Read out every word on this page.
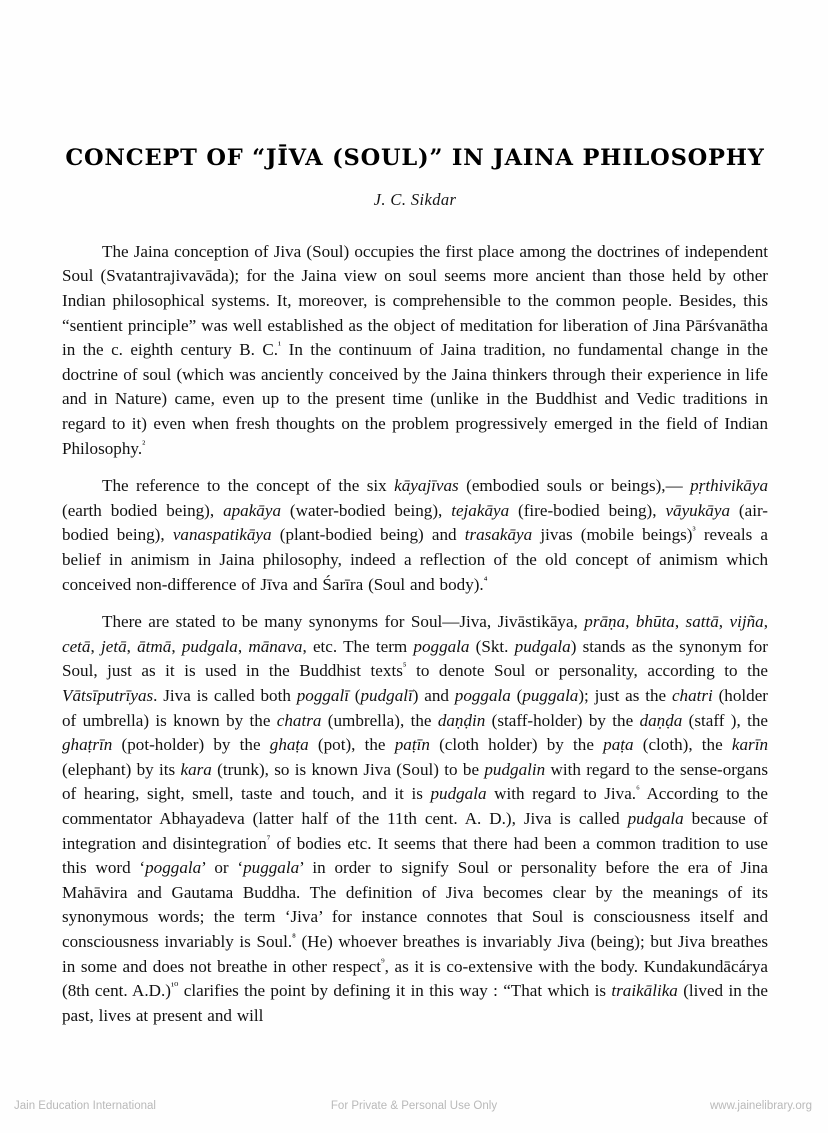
CONCEPT OF “JĪVA (SOUL)” IN JAINA PHILOSOPHY
J. C. Sikdar

The Jaina conception of Jiva (Soul) occupies the first place among the doctrines of independent Soul (Svatantrajivavāda); for the Jaina view on soul seems more ancient than those held by other Indian philosophical systems. It, moreover, is comprehensible to the common people. Besides, this “sentient principle” was well established as the object of meditation for liberation of Jina Pārśvanātha in the c. eighth century B. C.$^{^1}$ In the continuum of Jaina tradition, no fundamental change in the doctrine of soul (which was anciently conceived by the Jaina thinkers through their experience in life and in Nature) came, even up to the present time (unlike in the Buddhist and Vedic traditions in regard to it) even when fresh thoughts on the problem progressively emerged in the field of Indian Philosophy.$^{^2}$

The reference to the concept of the six kāyajīvas (embodied souls or beings),— pṛthivikāya (earth bodied being), apakāya (water-bodied being), tejakāya (fire-bodied being), vāyukāya (air-bodied being), vanaspatikāya (plant-bodied being) and trasakāya jivas (mobile beings)$^{^3}$ reveals a belief in animism in Jaina philosophy, indeed a reflection of the old concept of animism which conceived non-difference of Jīva and Śarīra (Soul and body).$^{^4}$

There are stated to be many synonyms for Soul—Jiva, Jivāstikāya, prāṇa, bhūta, sattā, vijña, cetā, jetā, ātmā, pudgala, mānava, etc. The term poggala (Skt. pudgala) stands as the synonym for Soul, just as it is used in the Buddhist texts$^{^5}$ to denote Soul or personality, according to the Vātsīputrīyas. Jiva is called both poggalī (pudgalī) and poggala (puggala); just as the chatri (holder of umbrella) is known by the chatra (umbrella), the daṇḍin (staff-holder) by the daṇḍa (staff ), the ghaṭrīn (pot-holder) by the ghaṭa (pot), the paṭīn (cloth holder) by the paṭa (cloth), the karīn (elephant) by its kara (trunk), so is known Jiva (Soul) to be pudgalin with regard to the sense-organs of hearing, sight, smell, taste and touch, and it is pudgala with regard to Jiva.$^{^6}$ According to the commentator Abhayadeva (latter half of the 11th cent. A. D.), Jiva is called pudgala because of integration and disintegration$^{^7}$ of bodies etc. It seems that there had been a common tradition to use this word ‘poggala’ or ‘puggala’ in order to signify Soul or personality before the era of Jina Mahāvira and Gautama Buddha. The definition of Jiva becomes clear by the meanings of its synonymous words; the term ‘Jiva’ for instance connotes that Soul is consciousness itself and consciousness invariably is Soul.$^{^8}$ (He) whoever breathes is invariably Jiva (being); but Jiva breathes in some and does not breathe in other respect$^{^9}$, as it is co-extensive with the body. Kundakundācárya (8th cent. A.D.)$^{^{10}}$ clarifies the point by defining it in this way : “That which is traikālika (lived in the past, lives at present and will

Jain Education International	For Private & Personal Use Only	www.jainelibrary.org
